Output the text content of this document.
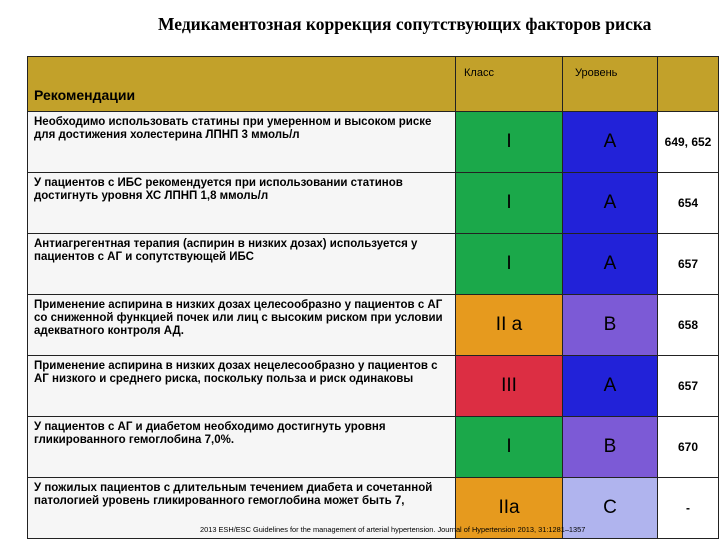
Медикаментозная коррекция сопутствующих факторов риска
Рекомендации	Класс	Уровень	
Необходимо использовать статины при умеренном и высоком риске для достижения холестерина ЛПНП 3 ммоль/л	I	A	649, 652
У пациентов с ИБС рекомендуется при использовании статинов достигнуть уровня ХС ЛПНП 1,8 ммоль/л	I	A	654
Антиагрегентная терапия (аспирин в низких дозах) используется у пациентов с АГ и сопутствующей ИБС	I	A	657
Применение аспирина в низких дозах целесообразно у пациентов с АГ со сниженной функцией почек или лиц с высоким риском при условии адекватного контроля АД.	II a	B	658
Применение аспирина в низких дозах нецелесообразно у пациентов с АГ низкого и среднего риска, поскольку польза и риск одинаковы	III	A	657
У пациентов с АГ и диабетом необходимо достигнуть уровня гликированного гемоглобина 7,0%.	I	B	670
У пожилых пациентов с длительным течением диабета и сочетанной патологией уровень гликированного гемоглобина может быть 7,	IIa	C	-
2013 ESH/ESC Guidelines for the management of arterial hypertension. Journal of Hypertension 2013, 31:1281–1357
